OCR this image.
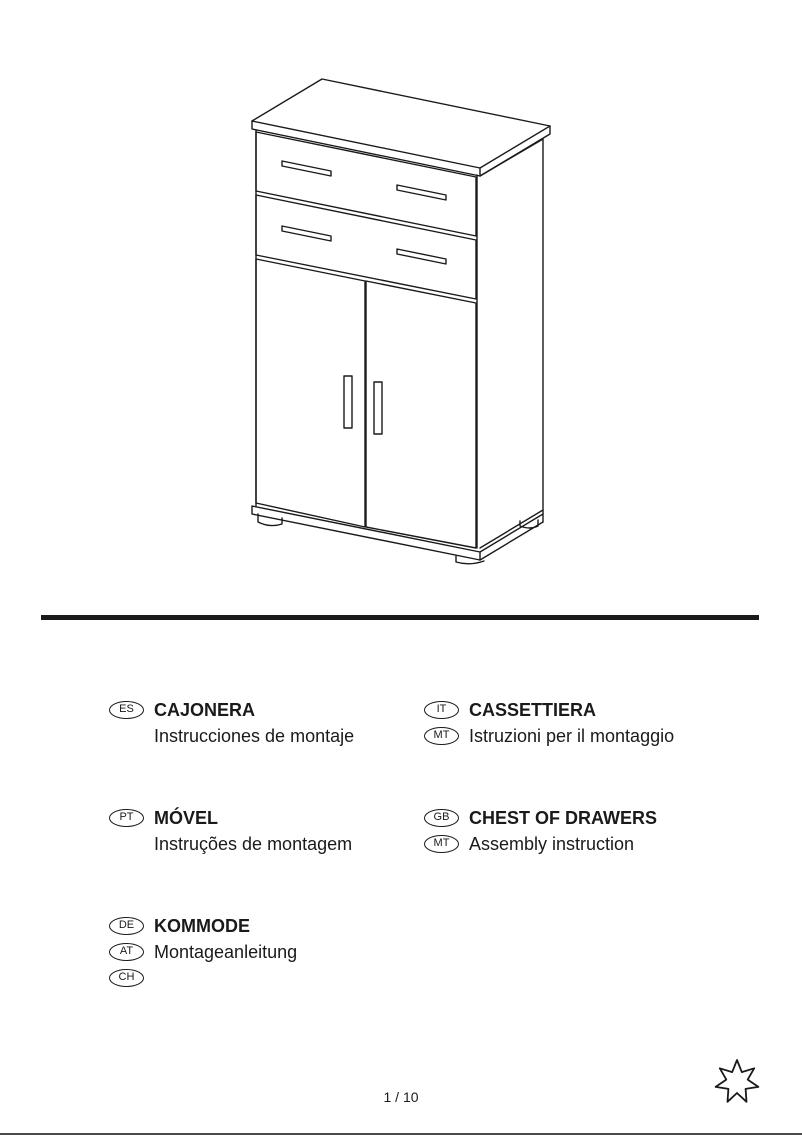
ES	CAJONERA
Instrucciones de montaje
IT	CASSETTIERA
MT	Istruzioni per il montaggio
PT	MÓVEL
Instruções de montagem
GB	CHEST OF DRAWERS
MT	Assembly instruction
DE	KOMMODE
AT	Montageanleitung
CH
1 / 10
